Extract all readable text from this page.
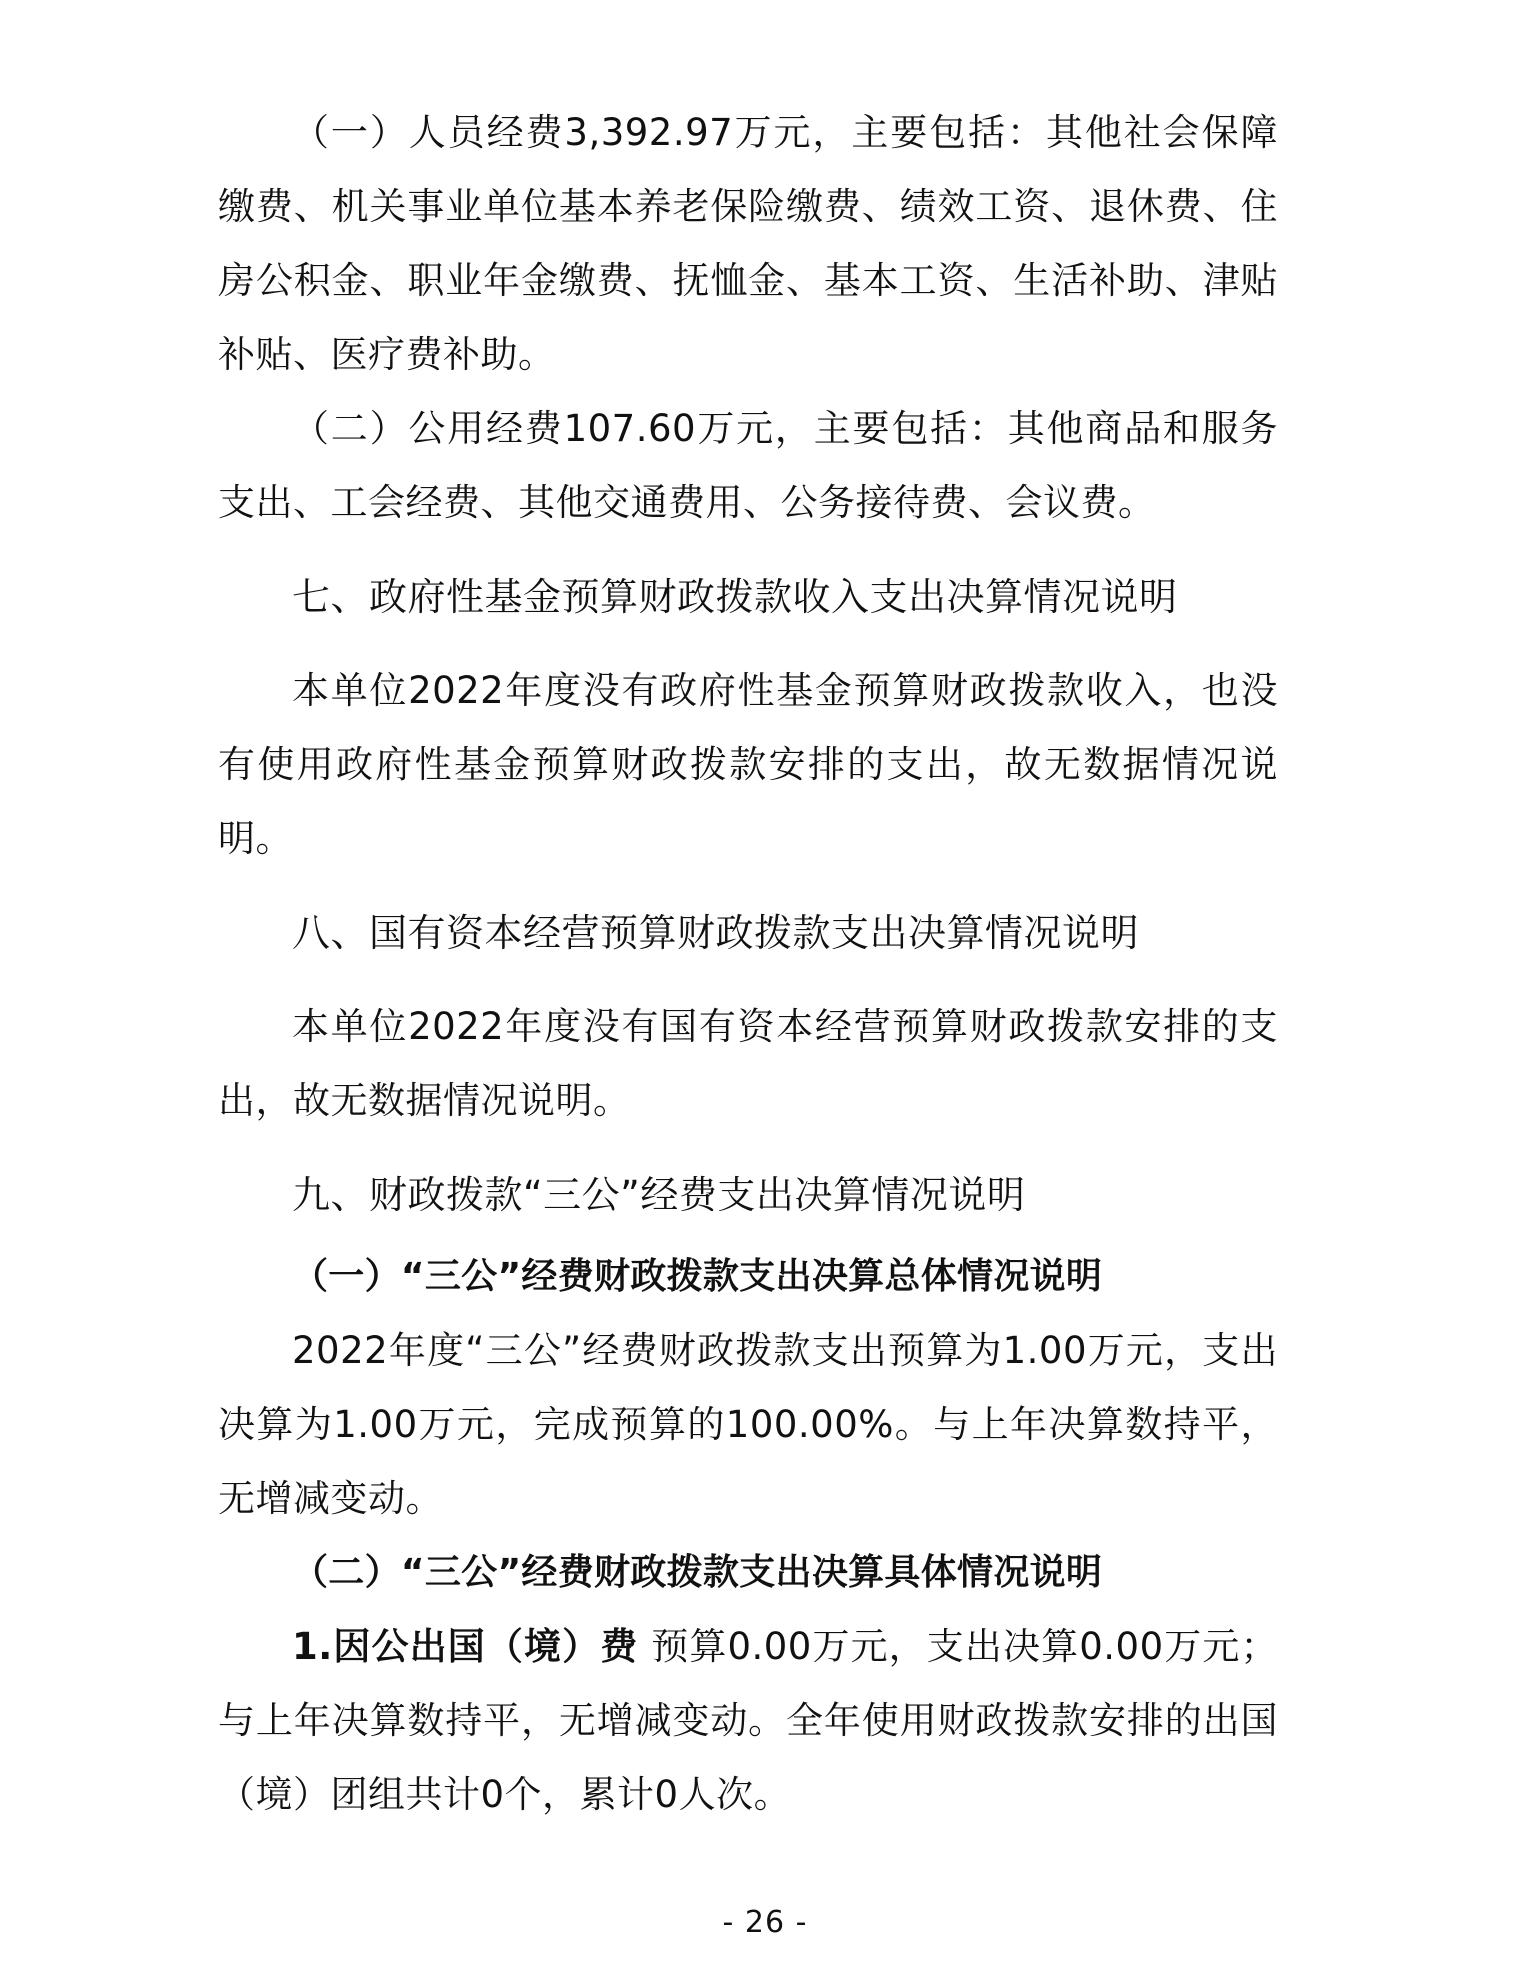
（一）人员经费3,392.97万元，主要包括：其他社会保障缴费、机关事业单位基本养老保险缴费、绩效工资、退休费、住房公积金、职业年金缴费、抚恤金、基本工资、生活补助、津贴补贴、医疗费补助。

（二）公用经费107.60万元，主要包括：其他商品和服务支出、工会经费、其他交通费用、公务接待费、会议费。

七、政府性基金预算财政拨款收入支出决算情况说明

本单位2022年度没有政府性基金预算财政拨款收入，也没有使用政府性基金预算财政拨款安排的支出，故无数据情况说明。

八、国有资本经营预算财政拨款支出决算情况说明

本单位2022年度没有国有资本经营预算财政拨款安排的支出，故无数据情况说明。

九、财政拨款“三公”经费支出决算情况说明
（一）“三公”经费财政拨款支出决算总体情况说明

2022年度“三公”经费财政拨款支出预算为1.00万元，支出决算为1.00万元，完成预算的100.00%。与上年决算数持平，无增减变动。

（二）“三公”经费财政拨款支出决算具体情况说明

1.因公出国（境）费 预算0.00万元，支出决算0.00万元；与上年决算数持平，无增减变动。全年使用财政拨款安排的出国（境）团组共计0个，累计0人次。

- 26 -
